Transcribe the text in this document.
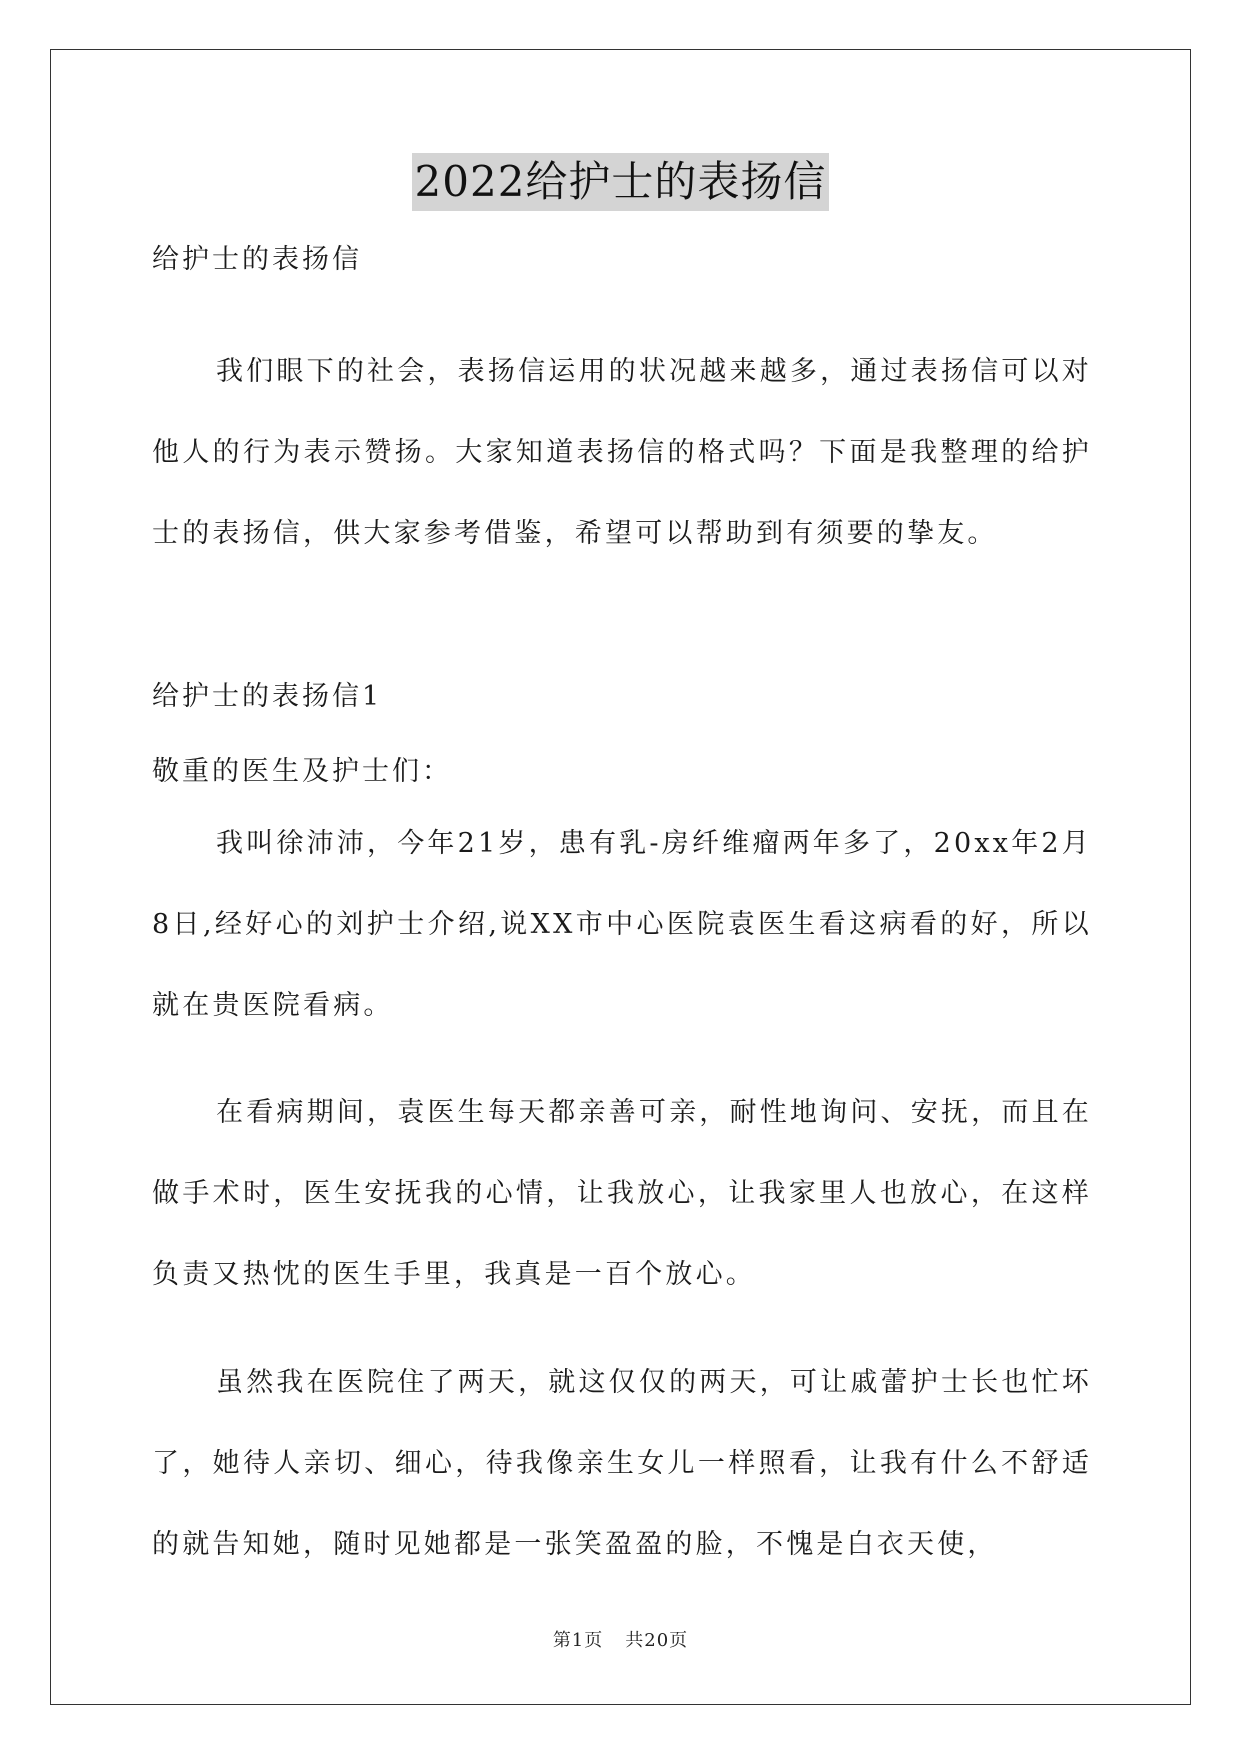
2022给护士的表扬信
给护士的表扬信

我们眼下的社会，表扬信运用的状况越来越多，通过表扬信可以对他人的行为表示赞扬。大家知道表扬信的格式吗？下面是我整理的给护士的表扬信，供大家参考借鉴，希望可以帮助到有须要的挚友。

给护士的表扬信1
敬重的医生及护士们：

我叫徐沛沛，今年21岁，患有乳-房纤维瘤两年多了，20xx年2月8日,经好心的刘护士介绍,说XX市中心医院袁医生看这病看的好，所以就在贵医院看病。

在看病期间，袁医生每天都亲善可亲，耐性地询问、安抚，而且在做手术时，医生安抚我的心情，让我放心，让我家里人也放心，在这样负责又热忱的医生手里，我真是一百个放心。

虽然我在医院住了两天，就这仅仅的两天，可让戚蕾护士长也忙坏了，她待人亲切、细心，待我像亲生女儿一样照看，让我有什么不舒适的就告知她，随时见她都是一张笑盈盈的脸，不愧是白衣天使，

第1页 共20页
